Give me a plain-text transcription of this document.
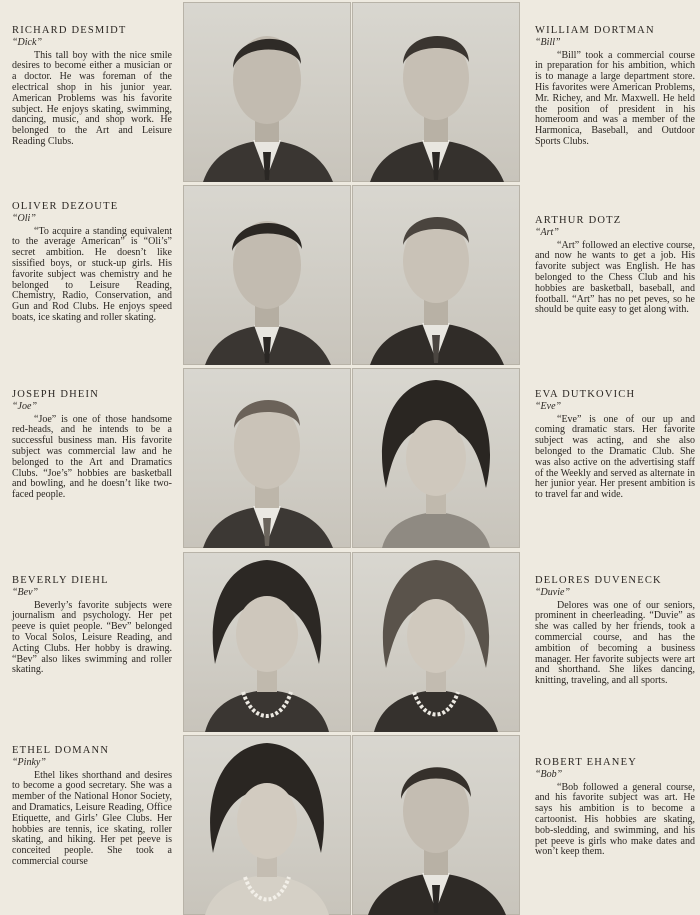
RICHARD DESMIDT

“Dick”

This tall boy with the nice smile desires to become either a musician or a doctor. He was foreman of the electrical shop in his junior year. American Problems was his favorite subject. He enjoys skating, swimming, dancing, music, and shop work. He belonged to the Art and Leisure Reading Clubs.

WILLIAM DORTMAN

“Bill”

“Bill” took a commercial course in preparation for his ambition, which is to manage a large department store. His favorites were American Problems, Mr. Richey, and Mr. Maxwell. He held the position of president in his homeroom and was a member of the Harmonica, Baseball, and Outdoor Sports Clubs.

OLIVER DEZOUTE

“Oli”

“To acquire a standing equivalent to the average American” is “Oli’s” secret ambition. He doesn’t like sissified boys, or stuck-up girls. His favorite subject was chemistry and he belonged to Leisure Reading, Chemistry, Radio, Conservation, and Gun and Rod Clubs. He enjoys speed boats, ice skating and roller skating.

ARTHUR DOTZ

“Art”

“Art” followed an elective course, and now he wants to get a job. His favorite subject was English. He has belonged to the Chess Club and his hobbies are basketball, baseball, and football. “Art” has no pet peves, so he should be quite easy to get along with.

JOSEPH DHEIN

“Joe”

“Joe” is one of those handsome red-heads, and he intends to be a successful business man. His favorite subject was commercial law and he belonged to the Art and Dramatics Clubs. “Joe’s” hobbies are basketball and bowling, and he doesn’t like two-faced people.

EVA DUTKOVICH

“Eve”

“Eve” is one of our up and coming dramatic stars. Her favorite subject was acting, and she also belonged to the Dramatic Club. She was also active on the advertising staff of the Weekly and served as alternate in her junior year. Her present ambition is to travel far and wide.

BEVERLY DIEHL

“Bev”

Beverly’s favorite subjects were journalism and psychology. Her pet peeve is quiet people. “Bev” belonged to Vocal Solos, Leisure Reading, and Acting Clubs. Her hobby is drawing. “Bev” also likes swimming and roller skating.

DELORES DUVENECK

“Duvie”

Delores was one of our seniors, prominent in cheerleading. “Duvie” as she was called by her friends, took a commercial course, and has the ambition of becoming a business manager. Her favorite subjects were art and shorthand. She likes dancing, knitting, traveling, and all sports.

ETHEL DOMANN

“Pinky”

Ethel likes shorthand and desires to become a good secretary. She was a member of the National Honor Society, and Dramatics, Leisure Reading, Office Etiquette, and Girls’ Glee Clubs. Her hobbies are tennis, ice skating, roller skating, and hiking. Her pet peeve is conceited people. She took a commercial course

ROBERT EHANEY

“Bob”

“Bob followed a general course, and his favorite subject was art. He says his ambition is to become a cartoonist. His hobbies are skating, bob-sledding, and swimming, and his pet peeve is girls who make dates and won’t keep them.
